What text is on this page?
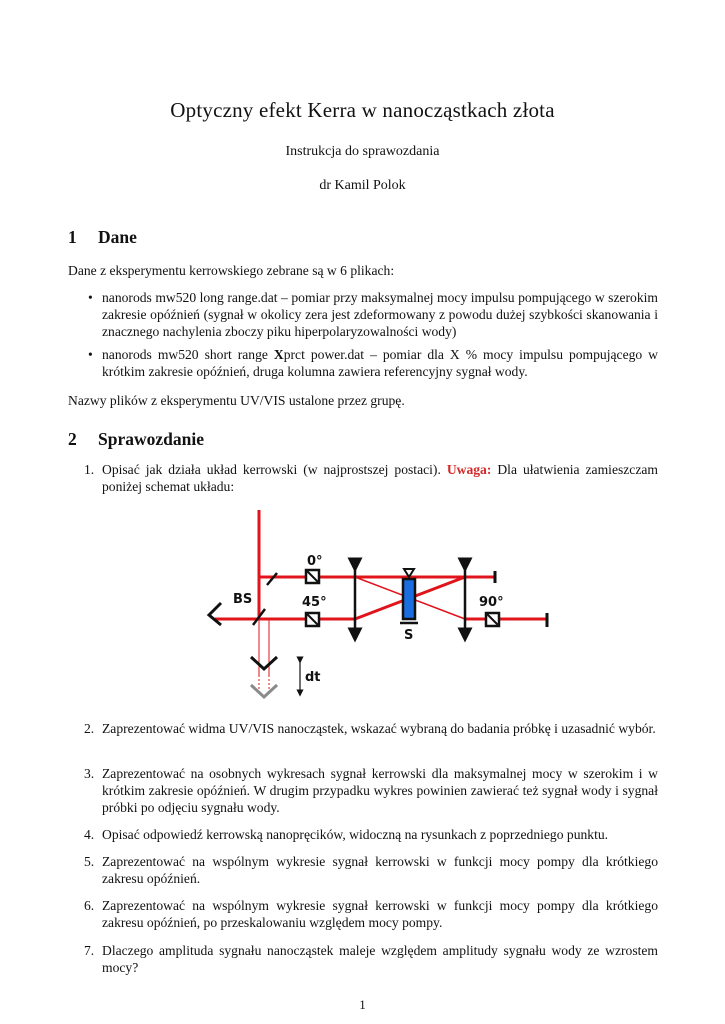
Optyczny efekt Kerra w nanocząstkach złota
Instrukcja do sprawozdania
dr Kamil Polok
1 Dane
Dane z eksperymentu kerrowskiego zebrane są w 6 plikach:
• nanorods mw520 long range.dat – pomiar przy maksymalnej mocy impulsu pompującego w szerokim zakresie opóźnień (sygnał w okolicy zera jest zdeformowany z powodu dużej szybkości skanowania i znacznego nachylenia zboczy piku hiperpolaryzowalności wody)
• nanorods mw520 short range Xprct power.dat – pomiar dla X % mocy impulsu pompującego w krótkim zakresie opóźnień, druga kolumna zawiera referencyjny sygnał wody.
Nazwy plików z eksperymentu UV/VIS ustalone przez grupę.
2 Sprawozdanie
1. Opisać jak działa układ kerrowski (w najprostszej postaci). Uwaga: Dla ułatwienia zamieszczam poniżej schemat układu:
BS
0°
45°
S
90°
dt
2. Zaprezentować widma UV/VIS nanocząstek, wskazać wybraną do badania próbkę i uzasadnić wybór.
3. Zaprezentować na osobnych wykresach sygnał kerrowski dla maksymalnej mocy w szerokim i w krótkim zakresie opóźnień. W drugim przypadku wykres powinien zawierać też sygnał wody i sygnał próbki po odjęciu sygnału wody.
4. Opisać odpowiedź kerrowską nanopręcików, widoczną na rysunkach z poprzedniego punktu.
5. Zaprezentować na wspólnym wykresie sygnał kerrowski w funkcji mocy pompy dla krótkiego zakresu opóźnień.
6. Zaprezentować na wspólnym wykresie sygnał kerrowski w funkcji mocy pompy dla krótkiego zakresu opóźnień, po przeskalowaniu względem mocy pompy.
7. Dlaczego amplituda sygnału nanocząstek maleje względem amplitudy sygnału wody ze wzrostem mocy?
1
